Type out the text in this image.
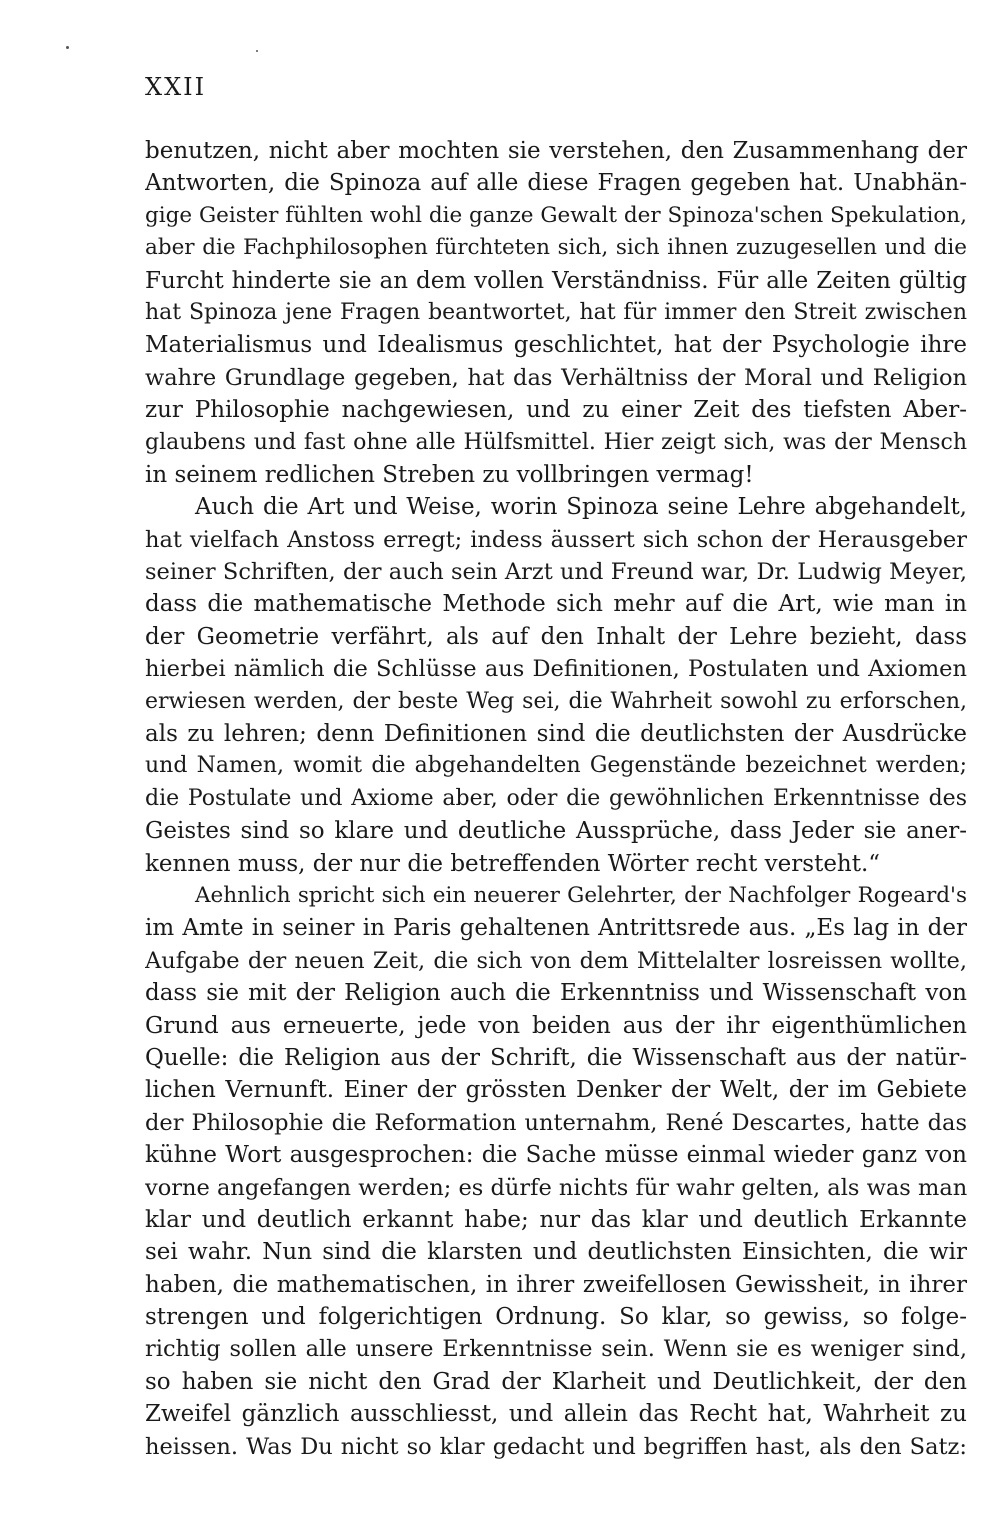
XXII
benutzen, nicht aber mochten sie verstehen, den Zusammenhang der
Antworten, die Spinoza auf alle diese Fragen gegeben hat. Unabhän-
gige Geister fühlten wohl die ganze Gewalt der Spinoza'schen Spekulation,
aber die Fachphilosophen fürchteten sich, sich ihnen zuzugesellen und die
Furcht hinderte sie an dem vollen Verständniss. Für alle Zeiten gültig
hat Spinoza jene Fragen beantwortet, hat für immer den Streit zwischen
Materialismus und Idealismus geschlichtet, hat der Psychologie ihre
wahre Grundlage gegeben, hat das Verhältniss der Moral und Religion
zur Philosophie nachgewiesen, und zu einer Zeit des tiefsten Aber-
glaubens und fast ohne alle Hülfsmittel. Hier zeigt sich, was der Mensch
in seinem redlichen Streben zu vollbringen vermag!
Auch die Art und Weise, worin Spinoza seine Lehre abgehandelt,
hat vielfach Anstoss erregt; indess äussert sich schon der Herausgeber
seiner Schriften, der auch sein Arzt und Freund war, Dr. Ludwig Meyer,
dass die mathematische Methode sich mehr auf die Art, wie man in
der Geometrie verfährt, als auf den Inhalt der Lehre bezieht, dass
hierbei nämlich die Schlüsse aus Definitionen, Postulaten und Axiomen
erwiesen werden, der beste Weg sei, die Wahrheit sowohl zu erforschen,
als zu lehren; denn Definitionen sind die deutlichsten der Ausdrücke
und Namen, womit die abgehandelten Gegenstände bezeichnet werden;
die Postulate und Axiome aber, oder die gewöhnlichen Erkenntnisse des
Geistes sind so klare und deutliche Aussprüche, dass Jeder sie aner-
kennen muss, der nur die betreffenden Wörter recht versteht.“
Aehnlich spricht sich ein neuerer Gelehrter, der Nachfolger Rogeard's
im Amte in seiner in Paris gehaltenen Antrittsrede aus. „Es lag in der
Aufgabe der neuen Zeit, die sich von dem Mittelalter losreissen wollte,
dass sie mit der Religion auch die Erkenntniss und Wissenschaft von
Grund aus erneuerte, jede von beiden aus der ihr eigenthümlichen
Quelle: die Religion aus der Schrift, die Wissenschaft aus der natür-
lichen Vernunft. Einer der grössten Denker der Welt, der im Gebiete
der Philosophie die Reformation unternahm, René Descartes, hatte das
kühne Wort ausgesprochen: die Sache müsse einmal wieder ganz von
vorne angefangen werden; es dürfe nichts für wahr gelten, als was man
klar und deutlich erkannt habe; nur das klar und deutlich Erkannte
sei wahr. Nun sind die klarsten und deutlichsten Einsichten, die wir
haben, die mathematischen, in ihrer zweifellosen Gewissheit, in ihrer
strengen und folgerichtigen Ordnung. So klar, so gewiss, so folge-
richtig sollen alle unsere Erkenntnisse sein. Wenn sie es weniger sind,
so haben sie nicht den Grad der Klarheit und Deutlichkeit, der den
Zweifel gänzlich ausschliesst, und allein das Recht hat, Wahrheit zu
heissen. Was Du nicht so klar gedacht und begriffen hast, als den Satz:
